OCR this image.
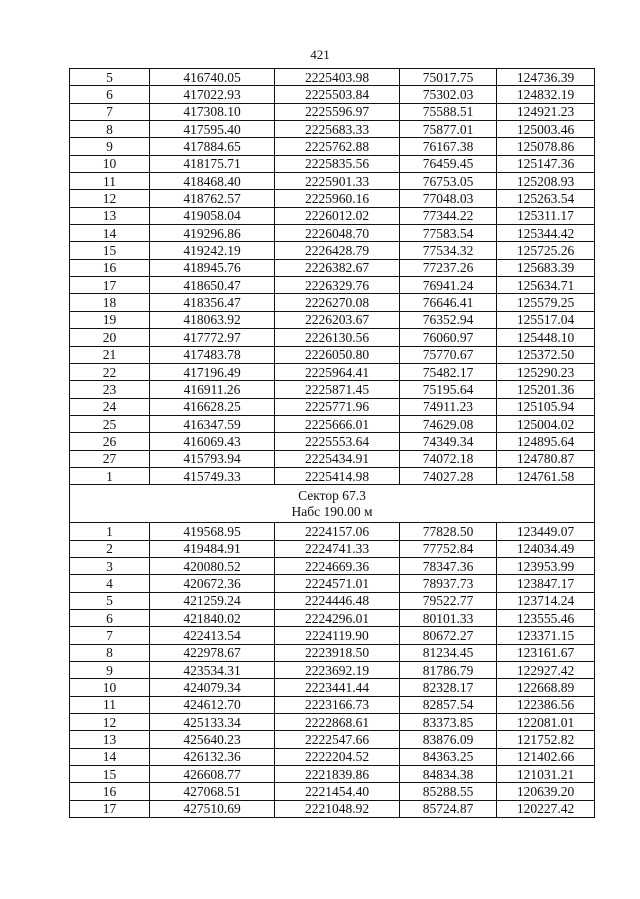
421
5	416740.05	2225403.98	75017.75	124736.39
6	417022.93	2225503.84	75302.03	124832.19
7	417308.10	2225596.97	75588.51	124921.23
8	417595.40	2225683.33	75877.01	125003.46
9	417884.65	2225762.88	76167.38	125078.86
10	418175.71	2225835.56	76459.45	125147.36
11	418468.40	2225901.33	76753.05	125208.93
12	418762.57	2225960.16	77048.03	125263.54
13	419058.04	2226012.02	77344.22	125311.17
14	419296.86	2226048.70	77583.54	125344.42
15	419242.19	2226428.79	77534.32	125725.26
16	418945.76	2226382.67	77237.26	125683.39
17	418650.47	2226329.76	76941.24	125634.71
18	418356.47	2226270.08	76646.41	125579.25
19	418063.92	2226203.67	76352.94	125517.04
20	417772.97	2226130.56	76060.97	125448.10
21	417483.78	2226050.80	75770.67	125372.50
22	417196.49	2225964.41	75482.17	125290.23
23	416911.26	2225871.45	75195.64	125201.36
24	416628.25	2225771.96	74911.23	125105.94
25	416347.59	2225666.01	74629.08	125004.02
26	416069.43	2225553.64	74349.34	124895.64
27	415793.94	2225434.91	74072.18	124780.87
1	415749.33	2225414.98	74027.28	124761.58

Сектор 67.3
Набс 190.00 м				

1	419568.95	2224157.06	77828.50	123449.07
2	419484.91	2224741.33	77752.84	124034.49
3	420080.52	2224669.36	78347.36	123953.99
4	420672.36	2224571.01	78937.73	123847.17
5	421259.24	2224446.48	79522.77	123714.24
6	421840.02	2224296.01	80101.33	123555.46
7	422413.54	2224119.90	80672.27	123371.15
8	422978.67	2223918.50	81234.45	123161.67
9	423534.31	2223692.19	81786.79	122927.42
10	424079.34	2223441.44	82328.17	122668.89
11	424612.70	2223166.73	82857.54	122386.56
12	425133.34	2222868.61	83373.85	122081.01
13	425640.23	2222547.66	83876.09	121752.82
14	426132.36	2222204.52	84363.25	121402.66
15	426608.77	2221839.86	84834.38	121031.21
16	427068.51	2221454.40	85288.55	120639.20
17	427510.69	2221048.92	85724.87	120227.42
